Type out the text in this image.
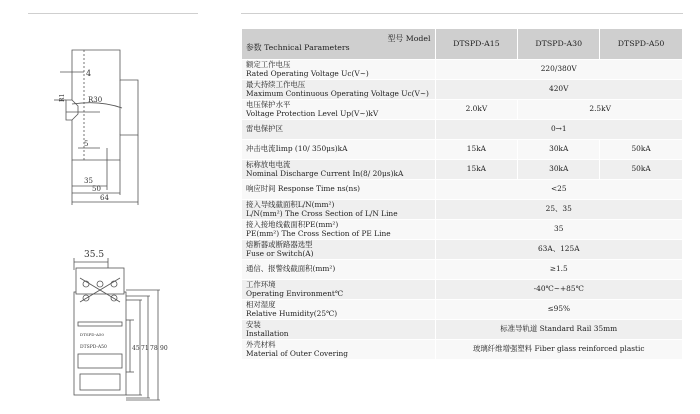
4
R1	R30
5
35
50
64
35.5
45 71 78 90
DTSPD-A50
DTSPD-A50
型号 Model
参数 Technical Parameters	DTSPD-A15	DTSPD-A30	DTSPD-A50
额定工作电压
Rated Operating Voltage Uc(V~)	220/380V		
最大持续工作电压
Maximum Continuous Operating Voltage Uc(V~)	420V		
电压保护水平
Voltage Protection Level Up(V~)kV	2.0kV	2.5kV	
雷电保护区	0→1		
冲击电流Iimp (10/ 350μs)kA	15kA	30kA	50kA
标称放电电流
Nominal Discharge Current In(8/ 20μs)kA	15kA	30kA	50kA
响应时间 Response Time ns(ns)	<25		
接入导线截面积L/N(mm²)
L/N(mm²) The Cross Section of L/N Line	25、35		
接入接地线截面积PE(mm²)
PE(mm²) The Cross Section of PE Line	35		
熔断器或断路器选型
Fuse or Switch(A)	63A、125A		
通信、报警线截面积(mm²)	≥1.5		
工作环境
Operating Environment℃	-40℃~+85℃		
相对湿度
Relative Humidity(25℃)	≤95%		
安装
Installation	标准导轨道 Standard Rail 35mm		
外壳材料
Material of Outer Covering	玻璃纤维增强塑料 Fiber glass reinforced plastic		
